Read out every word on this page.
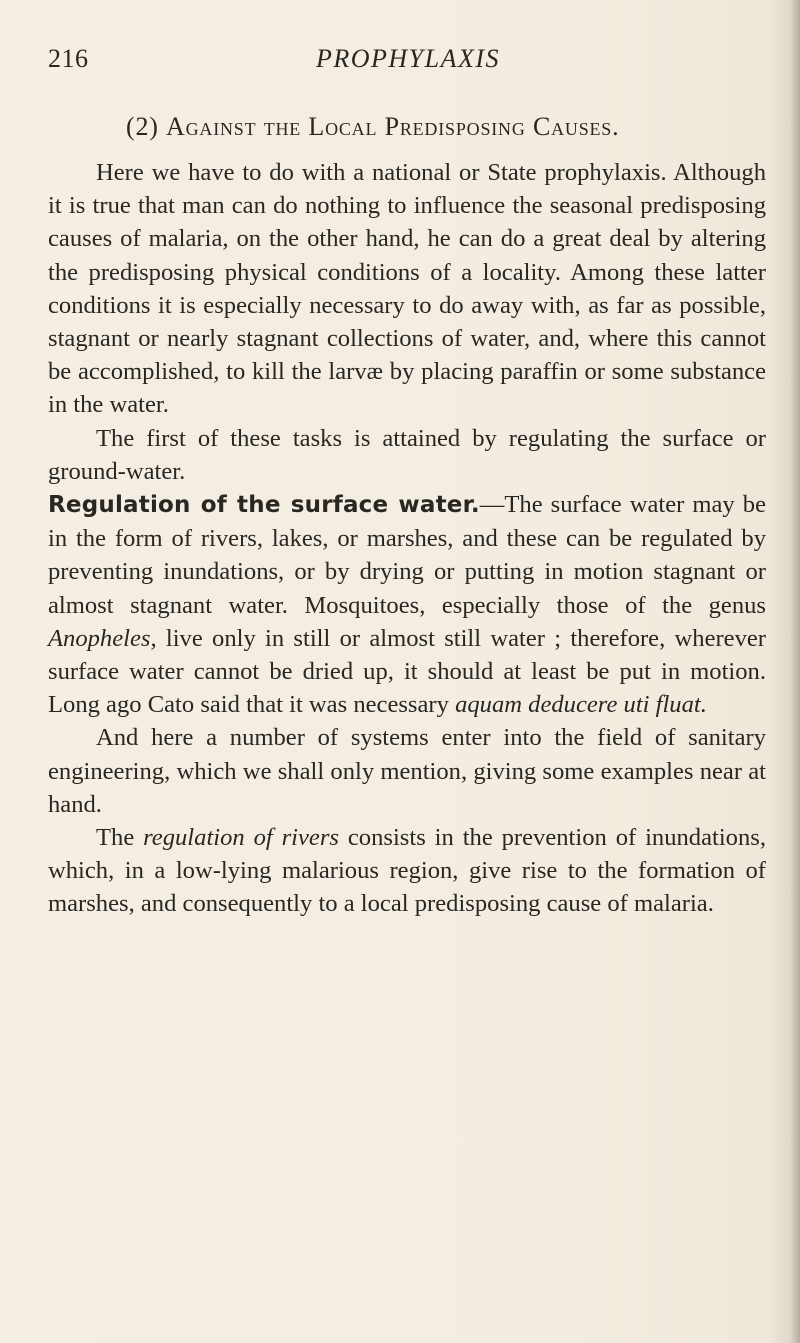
216	PROPHYLAXIS
(2) Against the Local Predisposing Causes.

Here we have to do with a national or State prophylaxis. Although it is true that man can do nothing to influence the seasonal predisposing causes of malaria, on the other hand, he can do a great deal by altering the predisposing physical conditions of a locality. Among these latter conditions it is especially necessary to do away with, as far as possible, stagnant or nearly stagnant collections of water, and, where this cannot be accomplished, to kill the larvæ by placing paraffin or some substance in the water.

The first of these tasks is attained by regulating the surface or ground-water.

Regulation of the surface water.—The surface water may be in the form of rivers, lakes, or marshes, and these can be regulated by preventing inundations, or by drying or putting in motion stagnant or almost stagnant water. Mosquitoes, especially those of the genus Anopheles, live only in still or almost still water ; therefore, wherever surface water cannot be dried up, it should at least be put in motion. Long ago Cato said that it was necessary aquam deducere uti fluat.

And here a number of systems enter into the field of sanitary engineering, which we shall only mention, giving some examples near at hand.

The regulation of rivers consists in the prevention of inundations, which, in a low-lying malarious region, give rise to the formation of marshes, and consequently to a local predisposing cause of malaria.
